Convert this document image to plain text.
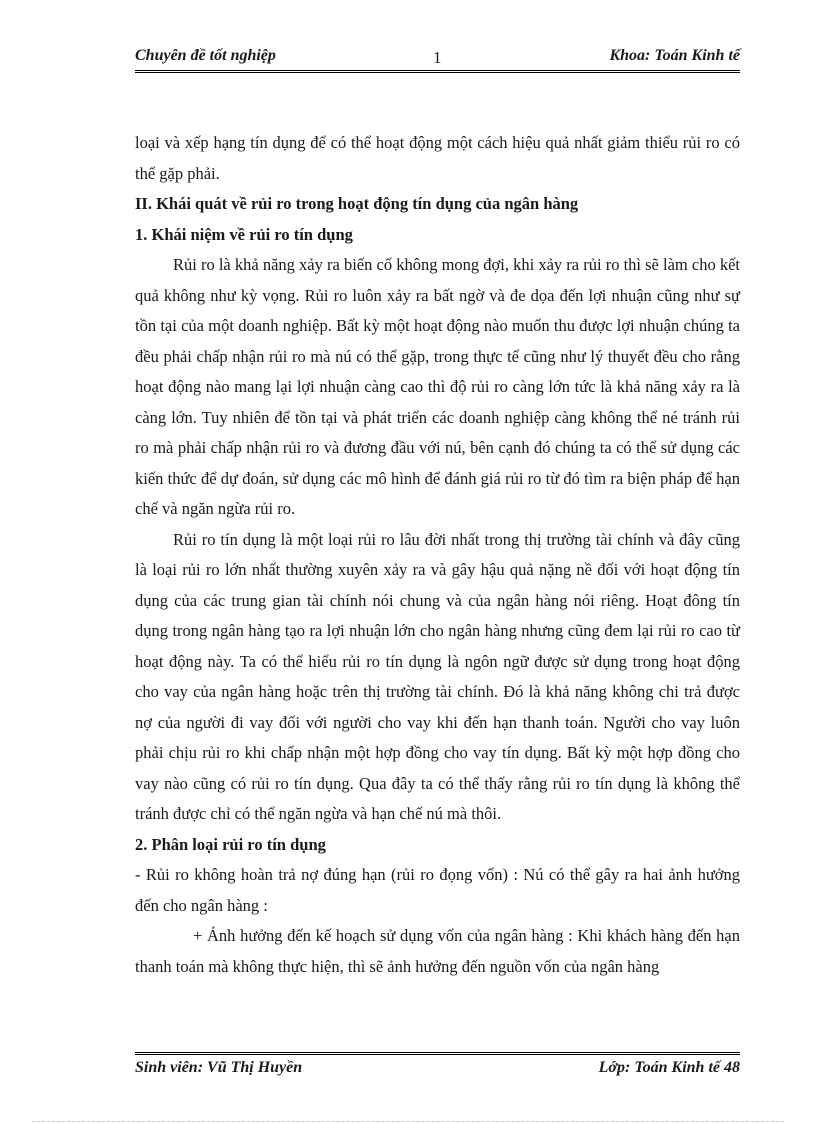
Chuyên đề tốt nghiệp	1	Khoa: Toán Kinh tế

loại và xếp hạng tín dụng để có thể hoạt động một cách hiệu quả nhất giảm thiểu rủi ro có thể gặp phải.

II. Khái quát về rủi ro trong hoạt động tín dụng của ngân hàng

1. Khái niệm về rủi ro tín dụng

Rủi ro là khả năng xảy ra biến cố không mong đợi, khi xảy ra rủi ro thì sẽ làm cho kết quả không như kỳ vọng. Rủi ro luôn xảy ra bất ngờ và đe dọa đến lợi nhuận cũng như sự tồn tại của một doanh nghiệp. Bất kỳ một hoạt động nào muốn thu được lợi nhuận chúng ta đều phải chấp nhận rủi ro mà nú có thể gặp, trong thực tế cũng như lý thuyết đều cho rằng hoạt động nào mang lại lợi nhuận càng cao thì độ rủi ro càng lớn tức là khả năng xảy ra là càng lớn. Tuy nhiên để tồn tại và phát triển các doanh nghiệp càng không thể né tránh rủi ro mà phải chấp nhận rủi ro và đương đầu với nú, bên cạnh đó chúng ta có thể sử dụng các kiến thức để dự đoán, sử dụng các mô hình để đánh giá rủi ro từ đó tìm ra biện pháp để hạn chế và ngăn ngừa rủi ro.

Rủi ro tín dụng là một loại rủi ro lâu đời nhất trong thị trường tài chính và đây cũng là loại rủi ro lớn nhất thường xuyên xảy ra và gây hậu quả nặng nề đối với hoạt động tín dụng của các trung gian tài chính nói chung và của ngân hàng nói riêng. Hoạt đông tín dụng trong ngân hàng tạo ra lợi nhuận lớn cho ngân hàng nhưng cũng đem lại rủi ro cao từ hoạt động này. Ta có thể hiểu rủi ro tín dụng là ngôn ngữ được sử dụng trong hoạt động cho vay của ngân hàng hoặc trên thị trường tài chính. Đó là khả năng không chi trả được nợ của người đi vay đối với người cho vay khi đến hạn thanh toán. Người cho vay luôn phải chịu rủi ro khi chấp nhận một hợp đồng cho vay tín dụng. Bất kỳ một hợp đồng cho vay nào cũng có rủi ro tín dụng. Qua đây ta có thể thấy rằng rủi ro tín dụng là không thể tránh được chỉ có thể ngăn ngừa và hạn chế nú mà thôi.

2. Phân loại rủi ro tín dụng

- Rủi ro không hoàn trả nợ đúng hạn (rủi ro đọng vốn) : Nú có thể gây ra hai ảnh hưởng đến cho ngân hàng :

+ Ảnh hưởng đến kế hoạch sử dụng vốn của ngân hàng : Khi khách hàng đến hạn thanh toán mà không thực hiện, thì sẽ ảnh hưởng đến nguồn vốn của ngân hàng

Sinh viên: Vũ Thị Huyền	Lớp: Toán Kinh tế 48
